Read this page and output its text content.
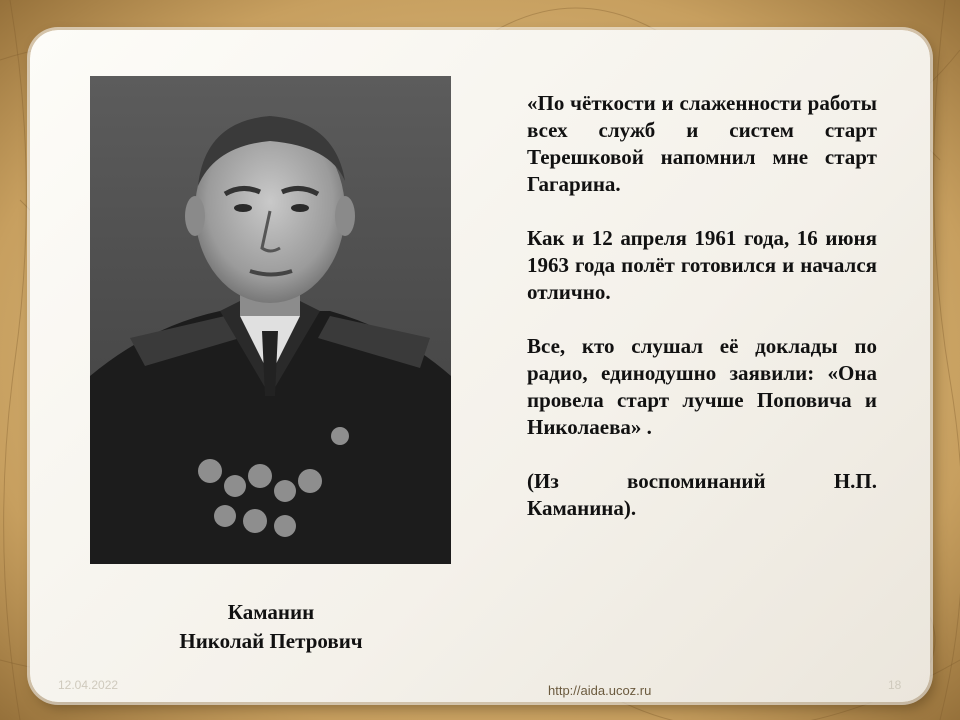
Каманин
Николай Петрович

«По чёткости и слаженности работы всех служб и систем старт Терешковой напомнил мне старт Гагарина.

Как и 12 апреля 1961 года, 16 июня 1963 года полёт готовился и начался отлично.

Все, кто слушал её доклады по радио, единодушно заявили: «Она провела старт лучше Поповича и Николаева» .

(Из воспоминаний Н.П.
Каманина).

12.04.2022	http://aida.ucoz.ru	18
